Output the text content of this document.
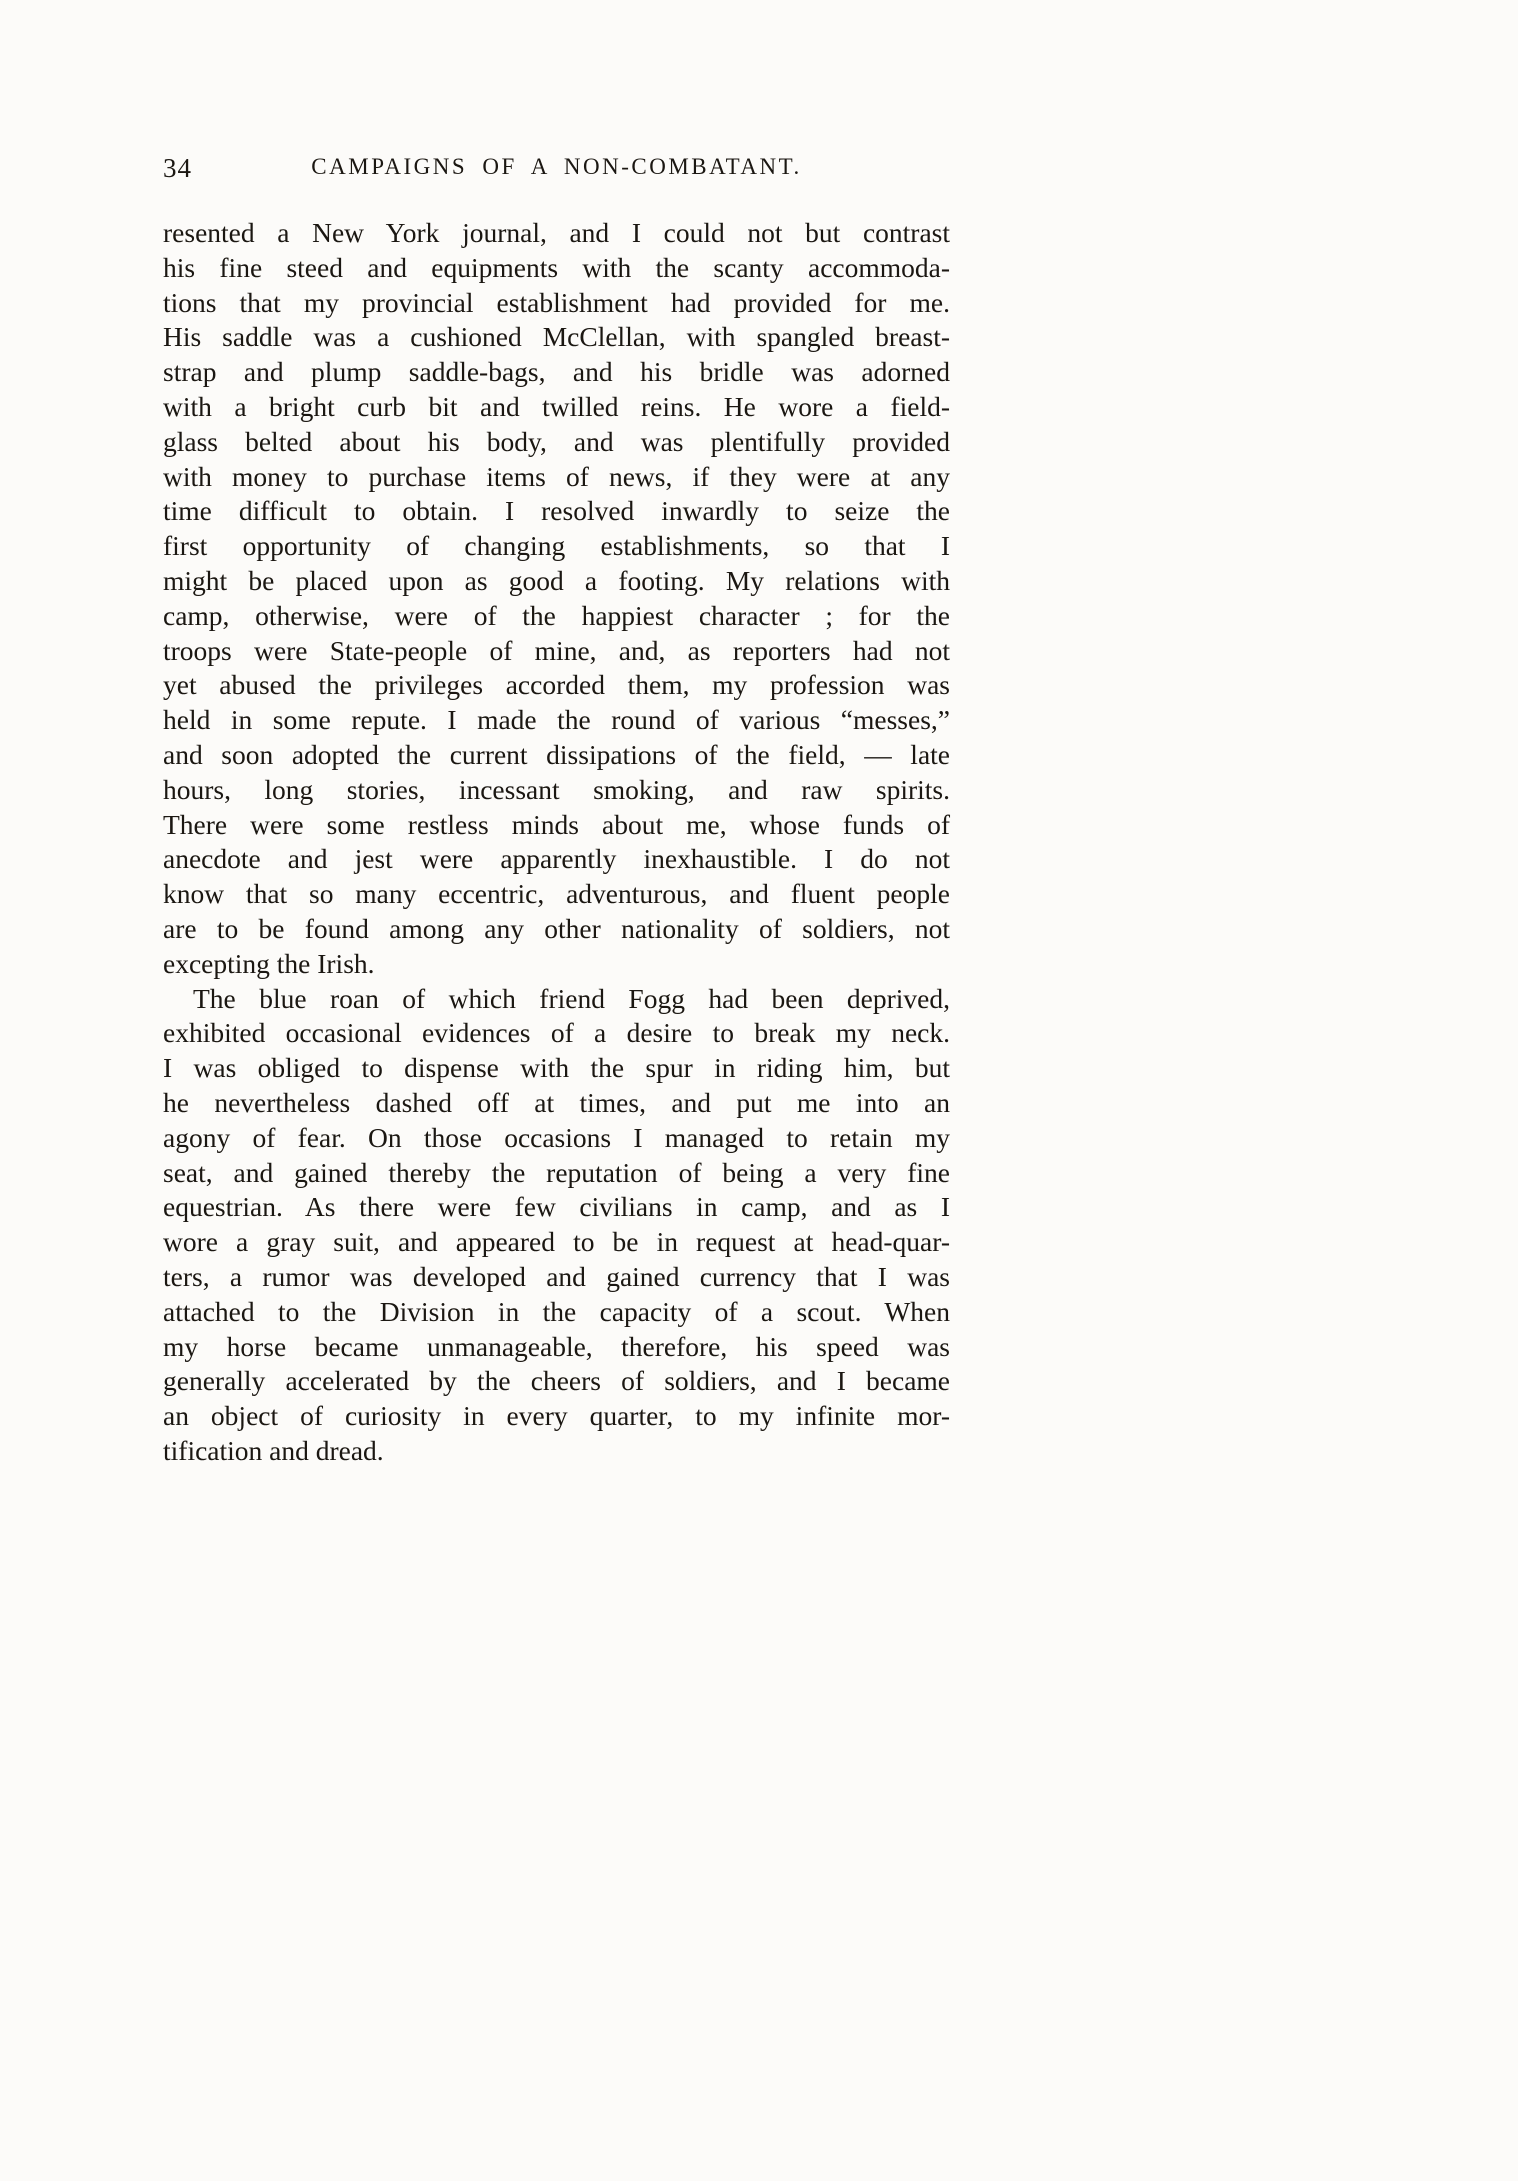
34	CAMPAIGNS OF A NON-COMBATANT.
resented a New York journal, and I could not but contrast
his fine steed and equipments with the scanty accommoda-
tions that my provincial establishment had provided for me.
His saddle was a cushioned McClellan, with spangled breast-
strap and plump saddle-bags, and his bridle was adorned
with a bright curb bit and twilled reins. He wore a field-
glass belted about his body, and was plentifully provided
with money to purchase items of news, if they were at any
time difficult to obtain. I resolved inwardly to seize the
first opportunity of changing establishments, so that I
might be placed upon as good a footing. My relations with
camp, otherwise, were of the happiest character ; for the
troops were State-people of mine, and, as reporters had not
yet abused the privileges accorded them, my profession was
held in some repute. I made the round of various “messes,”
and soon adopted the current dissipations of the field, — late
hours, long stories, incessant smoking, and raw spirits.
There were some restless minds about me, whose funds of
anecdote and jest were apparently inexhaustible. I do not
know that so many eccentric, adventurous, and fluent people
are to be found among any other nationality of soldiers, not
excepting the Irish.
The blue roan of which friend Fogg had been deprived,
exhibited occasional evidences of a desire to break my neck.
I was obliged to dispense with the spur in riding him, but
he nevertheless dashed off at times, and put me into an
agony of fear. On those occasions I managed to retain my
seat, and gained thereby the reputation of being a very fine
equestrian. As there were few civilians in camp, and as I
wore a gray suit, and appeared to be in request at head-quar-
ters, a rumor was developed and gained currency that I was
attached to the Division in the capacity of a scout. When
my horse became unmanageable, therefore, his speed was
generally accelerated by the cheers of soldiers, and I became
an object of curiosity in every quarter, to my infinite mor-
tification and dread.
